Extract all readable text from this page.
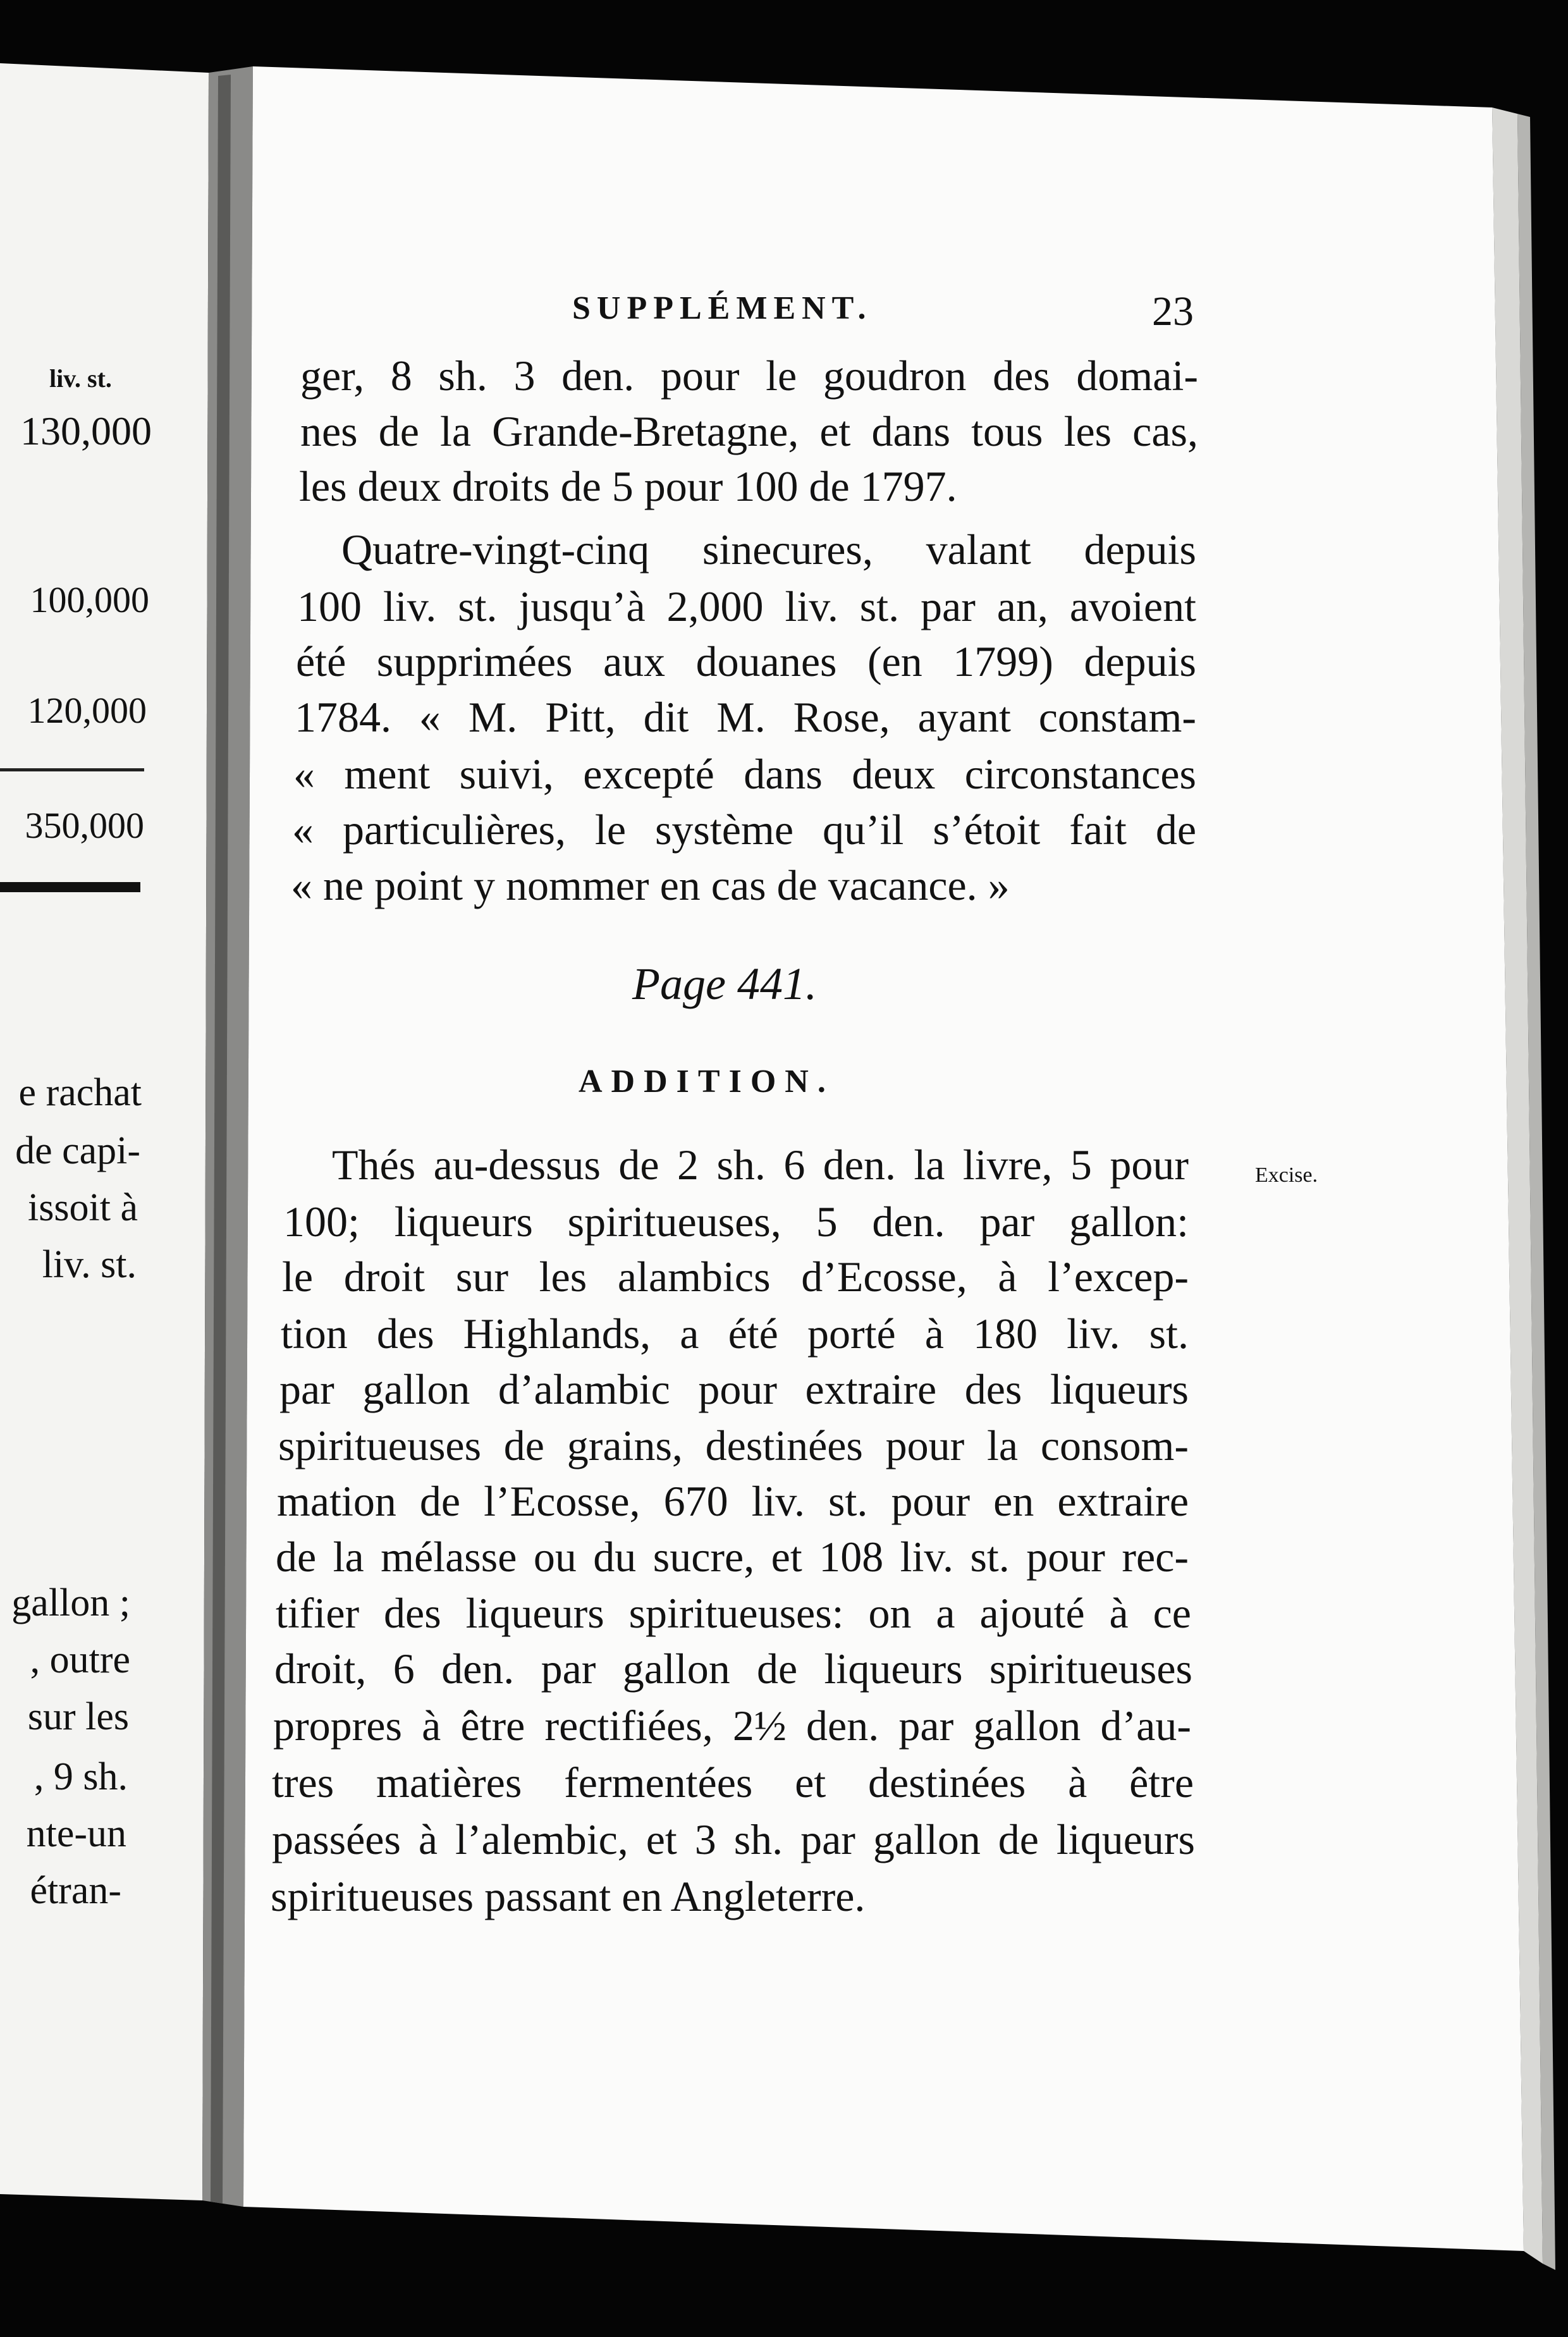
liv. st.
130,000
100,000
120,000
350,000
e rachat
de capi-
issoit à
liv. st.
gallon ;
, outre
sur les
, 9 sh.
nte-un
étran-
SUPPLÉMENT.	23
ger, 8 sh. 3 den. pour le goudron des domai-
nes de la Grande-Bretagne, et dans tous les cas,
les deux droits de 5 pour 100 de 1797.
Quatre-vingt-cinq sinecures, valant depuis
100 liv. st. jusqu’à 2,000 liv. st. par an, avoient
été supprimées aux douanes (en 1799) depuis
1784. « M. Pitt, dit M. Rose, ayant constam-
« ment suivi, excepté dans deux circonstances
« particulières, le système qu’il s’étoit fait de
« ne point y nommer en cas de vacance. »
Page 441.
ADDITION.
Excise.
Thés au-dessus de 2 sh. 6 den. la livre, 5 pour
100; liqueurs spiritueuses, 5 den. par gallon:
le droit sur les alambics d’Ecosse, à l’excep-
tion des Highlands, a été porté à 180 liv. st.
par gallon d’alambic pour extraire des liqueurs
spiritueuses de grains, destinées pour la consom-
mation de l’Ecosse, 670 liv. st. pour en extraire
de la mélasse ou du sucre, et 108 liv. st. pour rec-
tifier des liqueurs spiritueuses: on a ajouté à ce
droit, 6 den. par gallon de liqueurs spiritueuses
propres à être rectifiées, 2½ den. par gallon d’au-
tres matières fermentées et destinées à être
passées à l’alembic, et 3 sh. par gallon de liqueurs
spiritueuses passant en Angleterre.
